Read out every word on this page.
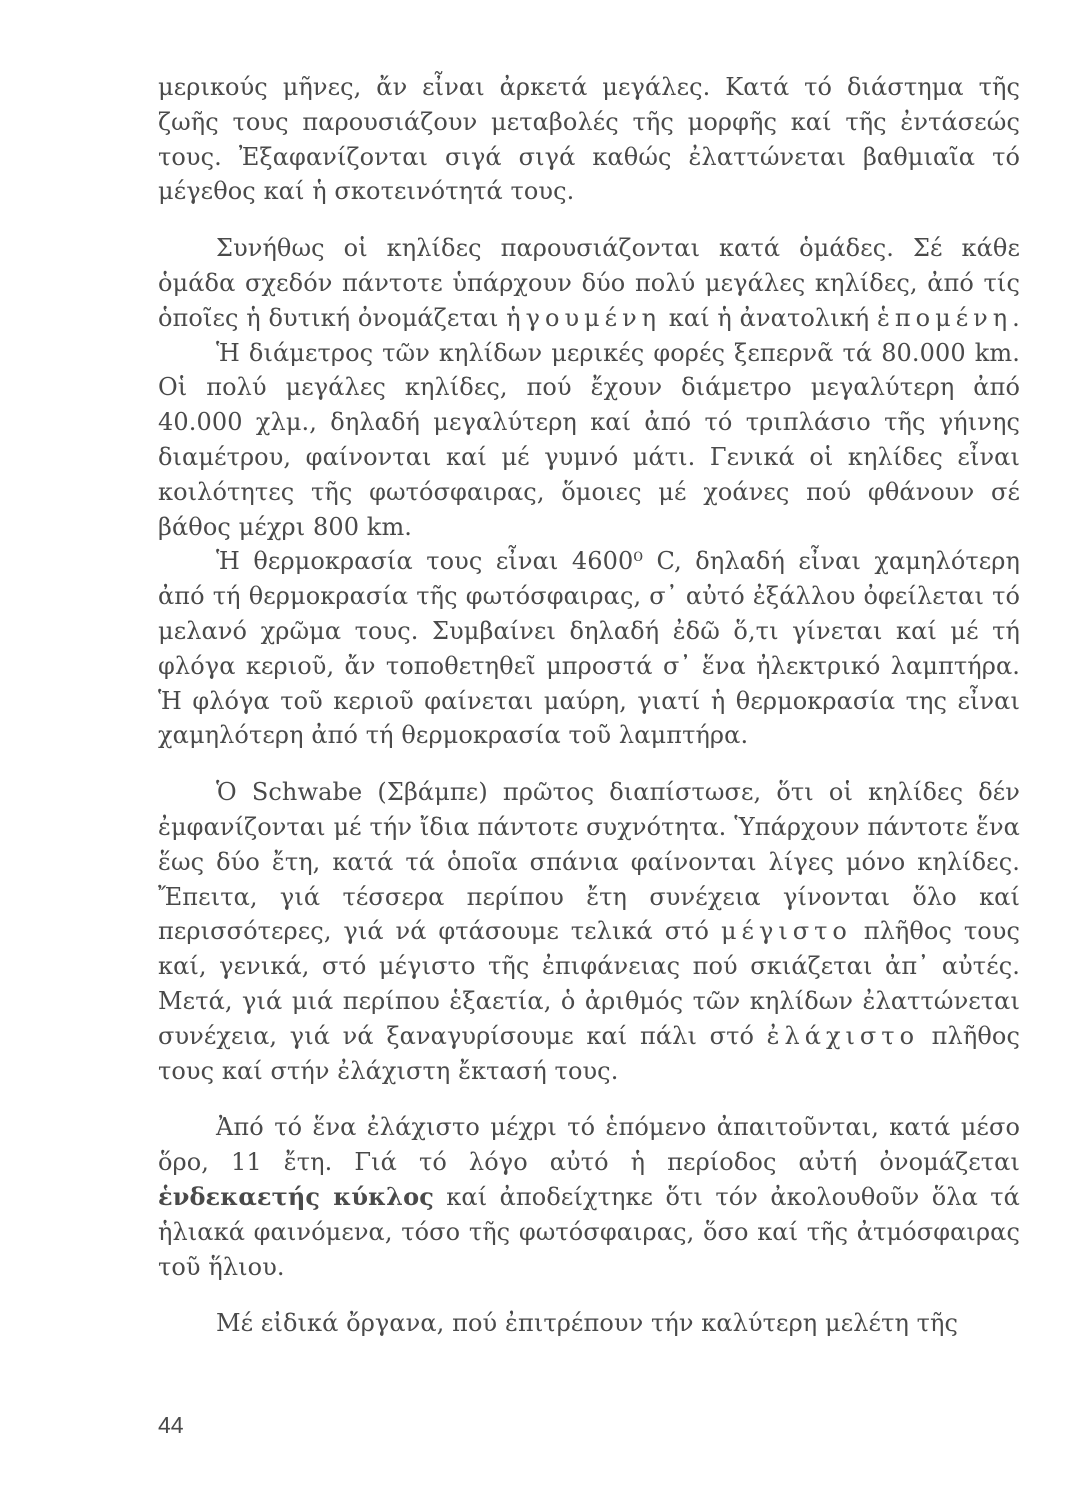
μερικούς μῆνες, ἄν εἶναι ἀρκετά μεγάλες. Κατά τό διάστημα τῆς ζωῆς τους παρουσιάζουν μεταβολές τῆς μορφῆς καί τῆς ἐντάσεώς τους. Ἐξαφανίζονται σιγά σιγά καθώς ἐλαττώνεται βαθμιαῖα τό μέγεθος καί ἡ σκοτεινότητά τους.

Συνήθως οἱ κηλίδες παρουσιάζονται κατά ὁμάδες. Σέ κάθε ὁμάδα σχεδόν πάντοτε ὑπάρχουν δύο πολύ μεγάλες κηλίδες, ἀπό τίς ὁποῖες ἡ δυτική ὀνομάζεται ἡγουμένη καί ἡ ἀνατολική ἑπομένη.

Ἡ διάμετρος τῶν κηλίδων μερικές φορές ξεπερνᾶ τά 80.000 km. Οἱ πολύ μεγάλες κηλίδες, πού ἔχουν διάμετρο μεγαλύτερη ἀπό 40.000 χλμ., δηλαδή μεγαλύτερη καί ἀπό τό τριπλάσιο τῆς γήινης διαμέτρου, φαίνονται καί μέ γυμνό μάτι. Γενικά οἱ κηλίδες εἶναι κοιλότητες τῆς φωτόσφαιρας, ὅμοιες μέ χοάνες πού φθάνουν σέ βάθος μέχρι 800 km.

Ἡ θερμοκρασία τους εἶναι 4600⁰ C, δηλαδή εἶναι χαμηλότερη ἀπό τή θερμοκρασία τῆς φωτόσφαιρας, σ᾽ αὐτό ἐξάλλου ὀφείλεται τό μελανό χρῶμα τους. Συμβαίνει δηλαδή ἐδῶ ὅ,τι γίνεται καί μέ τή φλόγα κεριοῦ, ἄν τοποθετηθεῖ μπροστά σ᾽ ἕνα ἠλεκτρικό λαμπτήρα. Ἡ φλόγα τοῦ κεριοῦ φαίνεται μαύρη, γιατί ἡ θερμοκρασία της εἶναι χαμηλότερη ἀπό τή θερμοκρασία τοῦ λαμπτήρα.

Ὁ Schwabe (Σβάμπε) πρῶτος διαπίστωσε, ὅτι οἱ κηλίδες δέν ἐμφανίζονται μέ τήν ἴδια πάντοτε συχνότητα. Ὑπάρχουν πάντοτε ἕνα ἕως δύο ἔτη, κατά τά ὁποῖα σπάνια φαίνονται λίγες μόνο κηλίδες. Ἔπειτα, γιά τέσσερα περίπου ἔτη συνέχεια γίνονται ὅλο καί περισσότερες, γιά νά φτάσουμε τελικά στό μέγιστο πλῆθος τους καί, γενικά, στό μέγιστο τῆς ἐπιφάνειας πού σκιάζεται ἀπ᾽ αὐτές. Μετά, γιά μιά περίπου ἑξαετία, ὁ ἀριθμός τῶν κηλίδων ἐλαττώνεται συνέχεια, γιά νά ξαναγυρίσουμε καί πάλι στό ἐλάχιστο πλῆθος τους καί στήν ἐλάχιστη ἔκτασή τους.

Ἀπό τό ἕνα ἐλάχιστο μέχρι τό ἑπόμενο ἀπαιτοῦνται, κατά μέσο ὅρο, 11 ἔτη. Γιά τό λόγο αὐτό ἡ περίοδος αὐτή ὀνομάζεται ἑνδεκαετής κύκλος καί ἀποδείχτηκε ὅτι τόν ἀκολουθοῦν ὅλα τά ἡλιακά φαινόμενα, τόσο τῆς φωτόσφαιρας, ὅσο καί τῆς ἀτμόσφαιρας τοῦ ἥλιου.

Μέ εἰδικά ὄργανα, πού ἐπιτρέπουν τήν καλύτερη μελέτη τῆς

44
